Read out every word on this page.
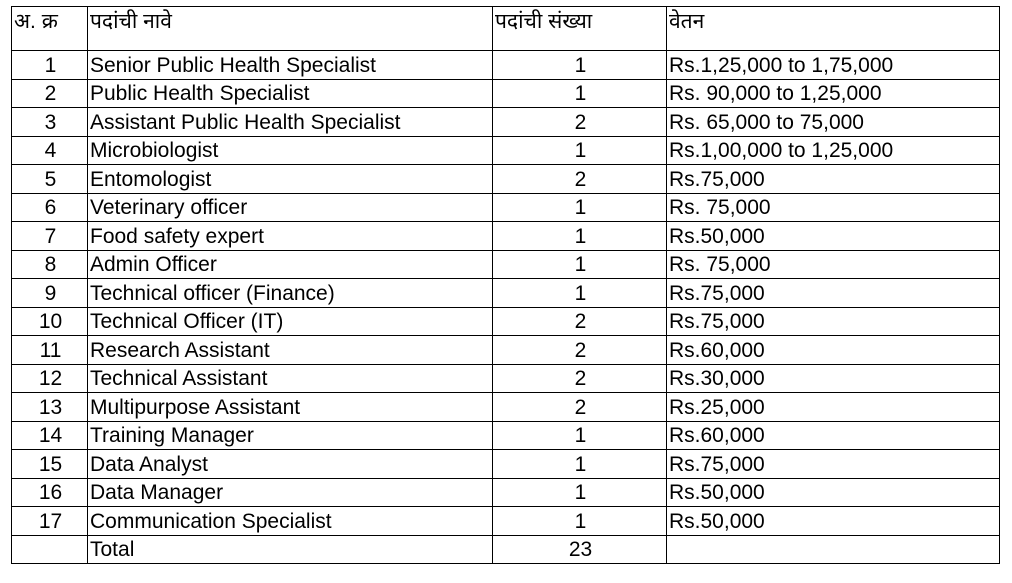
अ. क्र	पदांची नावे	पदांची संख्या	वेतन
1	Senior Public Health Specialist	1	Rs.1,25,000 to 1,75,000
2	Public Health Specialist	1	Rs. 90,000 to 1,25,000
3	Assistant Public Health Specialist	2	Rs. 65,000 to 75,000
4	Microbiologist	1	Rs.1,00,000 to 1,25,000
5	Entomologist	2	Rs.75,000
6	Veterinary officer	1	Rs. 75,000
7	Food safety expert	1	Rs.50,000
8	Admin Officer	1	Rs. 75,000
9	Technical officer (Finance)	1	Rs.75,000
10	Technical Officer (IT)	2	Rs.75,000
11	Research Assistant	2	Rs.60,000
12	Technical Assistant	2	Rs.30,000
13	Multipurpose Assistant	2	Rs.25,000
14	Training Manager	1	Rs.60,000
15	Data Analyst	1	Rs.75,000
16	Data Manager	1	Rs.50,000
17	Communication Specialist	1	Rs.50,000
	Total	23	
